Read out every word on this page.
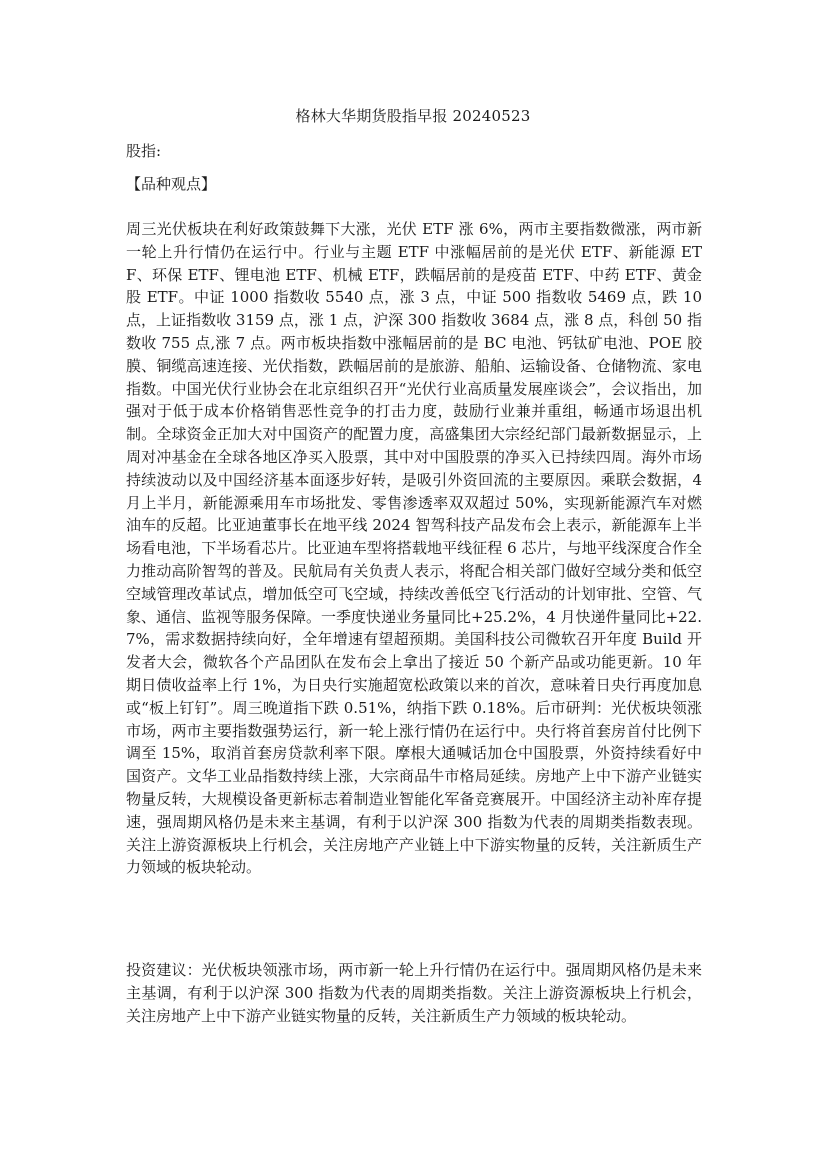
格林大华期货股指早报 20240523
股指:
【品种观点】

周三光伏板块在利好政策鼓舞下大涨，光伏 ETF 涨 6%，两市主要指数微涨，两市新一轮上升行情仍在运行中。行业与主题 ETF 中涨幅居前的是光伏 ETF、新能源 ETF、环保 ETF、锂电池 ETF、机械 ETF，跌幅居前的是疫苗 ETF、中药 ETF、黄金股 ETF。中证 1000 指数收 5540 点，涨 3 点，中证 500 指数收 5469 点，跌 10 点，上证指数收 3159 点，涨 1 点，沪深 300 指数收 3684 点，涨 8 点，科创 50 指数收 755 点,涨 7 点。两市板块指数中涨幅居前的是 BC 电池、钙钛矿电池、POE 胶膜、铜缆高速连接、光伏指数，跌幅居前的是旅游、船舶、运输设备、仓储物流、家电指数。中国光伏行业协会在北京组织召开“光伏行业高质量发展座谈会”，会议指出，加强对于低于成本价格销售恶性竞争的打击力度，鼓励行业兼并重组，畅通市场退出机制。全球资金正加大对中国资产的配置力度，高盛集团大宗经纪部门最新数据显示，上周对冲基金在全球各地区净买入股票，其中对中国股票的净买入已持续四周。海外市场持续波动以及中国经济基本面逐步好转，是吸引外资回流的主要原因。乘联会数据，4 月上半月，新能源乘用车市场批发、零售渗透率双双超过 50%，实现新能源汽车对燃油车的反超。比亚迪董事长在地平线 2024 智驾科技产品发布会上表示，新能源车上半场看电池，下半场看芯片。比亚迪车型将搭载地平线征程 6 芯片，与地平线深度合作全力推动高阶智驾的普及。民航局有关负责人表示，将配合相关部门做好空域分类和低空空域管理改革试点，增加低空可飞空域，持续改善低空飞行活动的计划审批、空管、气象、通信、监视等服务保障。一季度快递业务量同比+25.2%，4 月快递件量同比+22.7%，需求数据持续向好，全年增速有望超预期。美国科技公司微软召开年度 Build 开发者大会，微软各个产品团队在发布会上拿出了接近 50 个新产品或功能更新。10 年期日债收益率上行 1%，为日央行实施超宽松政策以来的首次，意味着日央行再度加息或“板上钉钉”。周三晚道指下跌 0.51%，纳指下跌 0.18%。后市研判：光伏板块领涨市场，两市主要指数强势运行，新一轮上涨行情仍在运行中。央行将首套房首付比例下调至 15%，取消首套房贷款利率下限。摩根大通喊话加仓中国股票，外资持续看好中国资产。文华工业品指数持续上涨，大宗商品牛市格局延续。房地产上中下游产业链实物量反转，大规模设备更新标志着制造业智能化军备竞赛展开。中国经济主动补库存提速，强周期风格仍是未来主基调，有利于以沪深 300 指数为代表的周期类指数表现。关注上游资源板块上行机会，关注房地产产业链上中下游实物量的反转，关注新质生产力领域的板块轮动。

投资建议：光伏板块领涨市场，两市新一轮上升行情仍在运行中。强周期风格仍是未来主基调，有利于以沪深 300 指数为代表的周期类指数。关注上游资源板块上行机会，关注房地产上中下游产业链实物量的反转，关注新质生产力领域的板块轮动。
